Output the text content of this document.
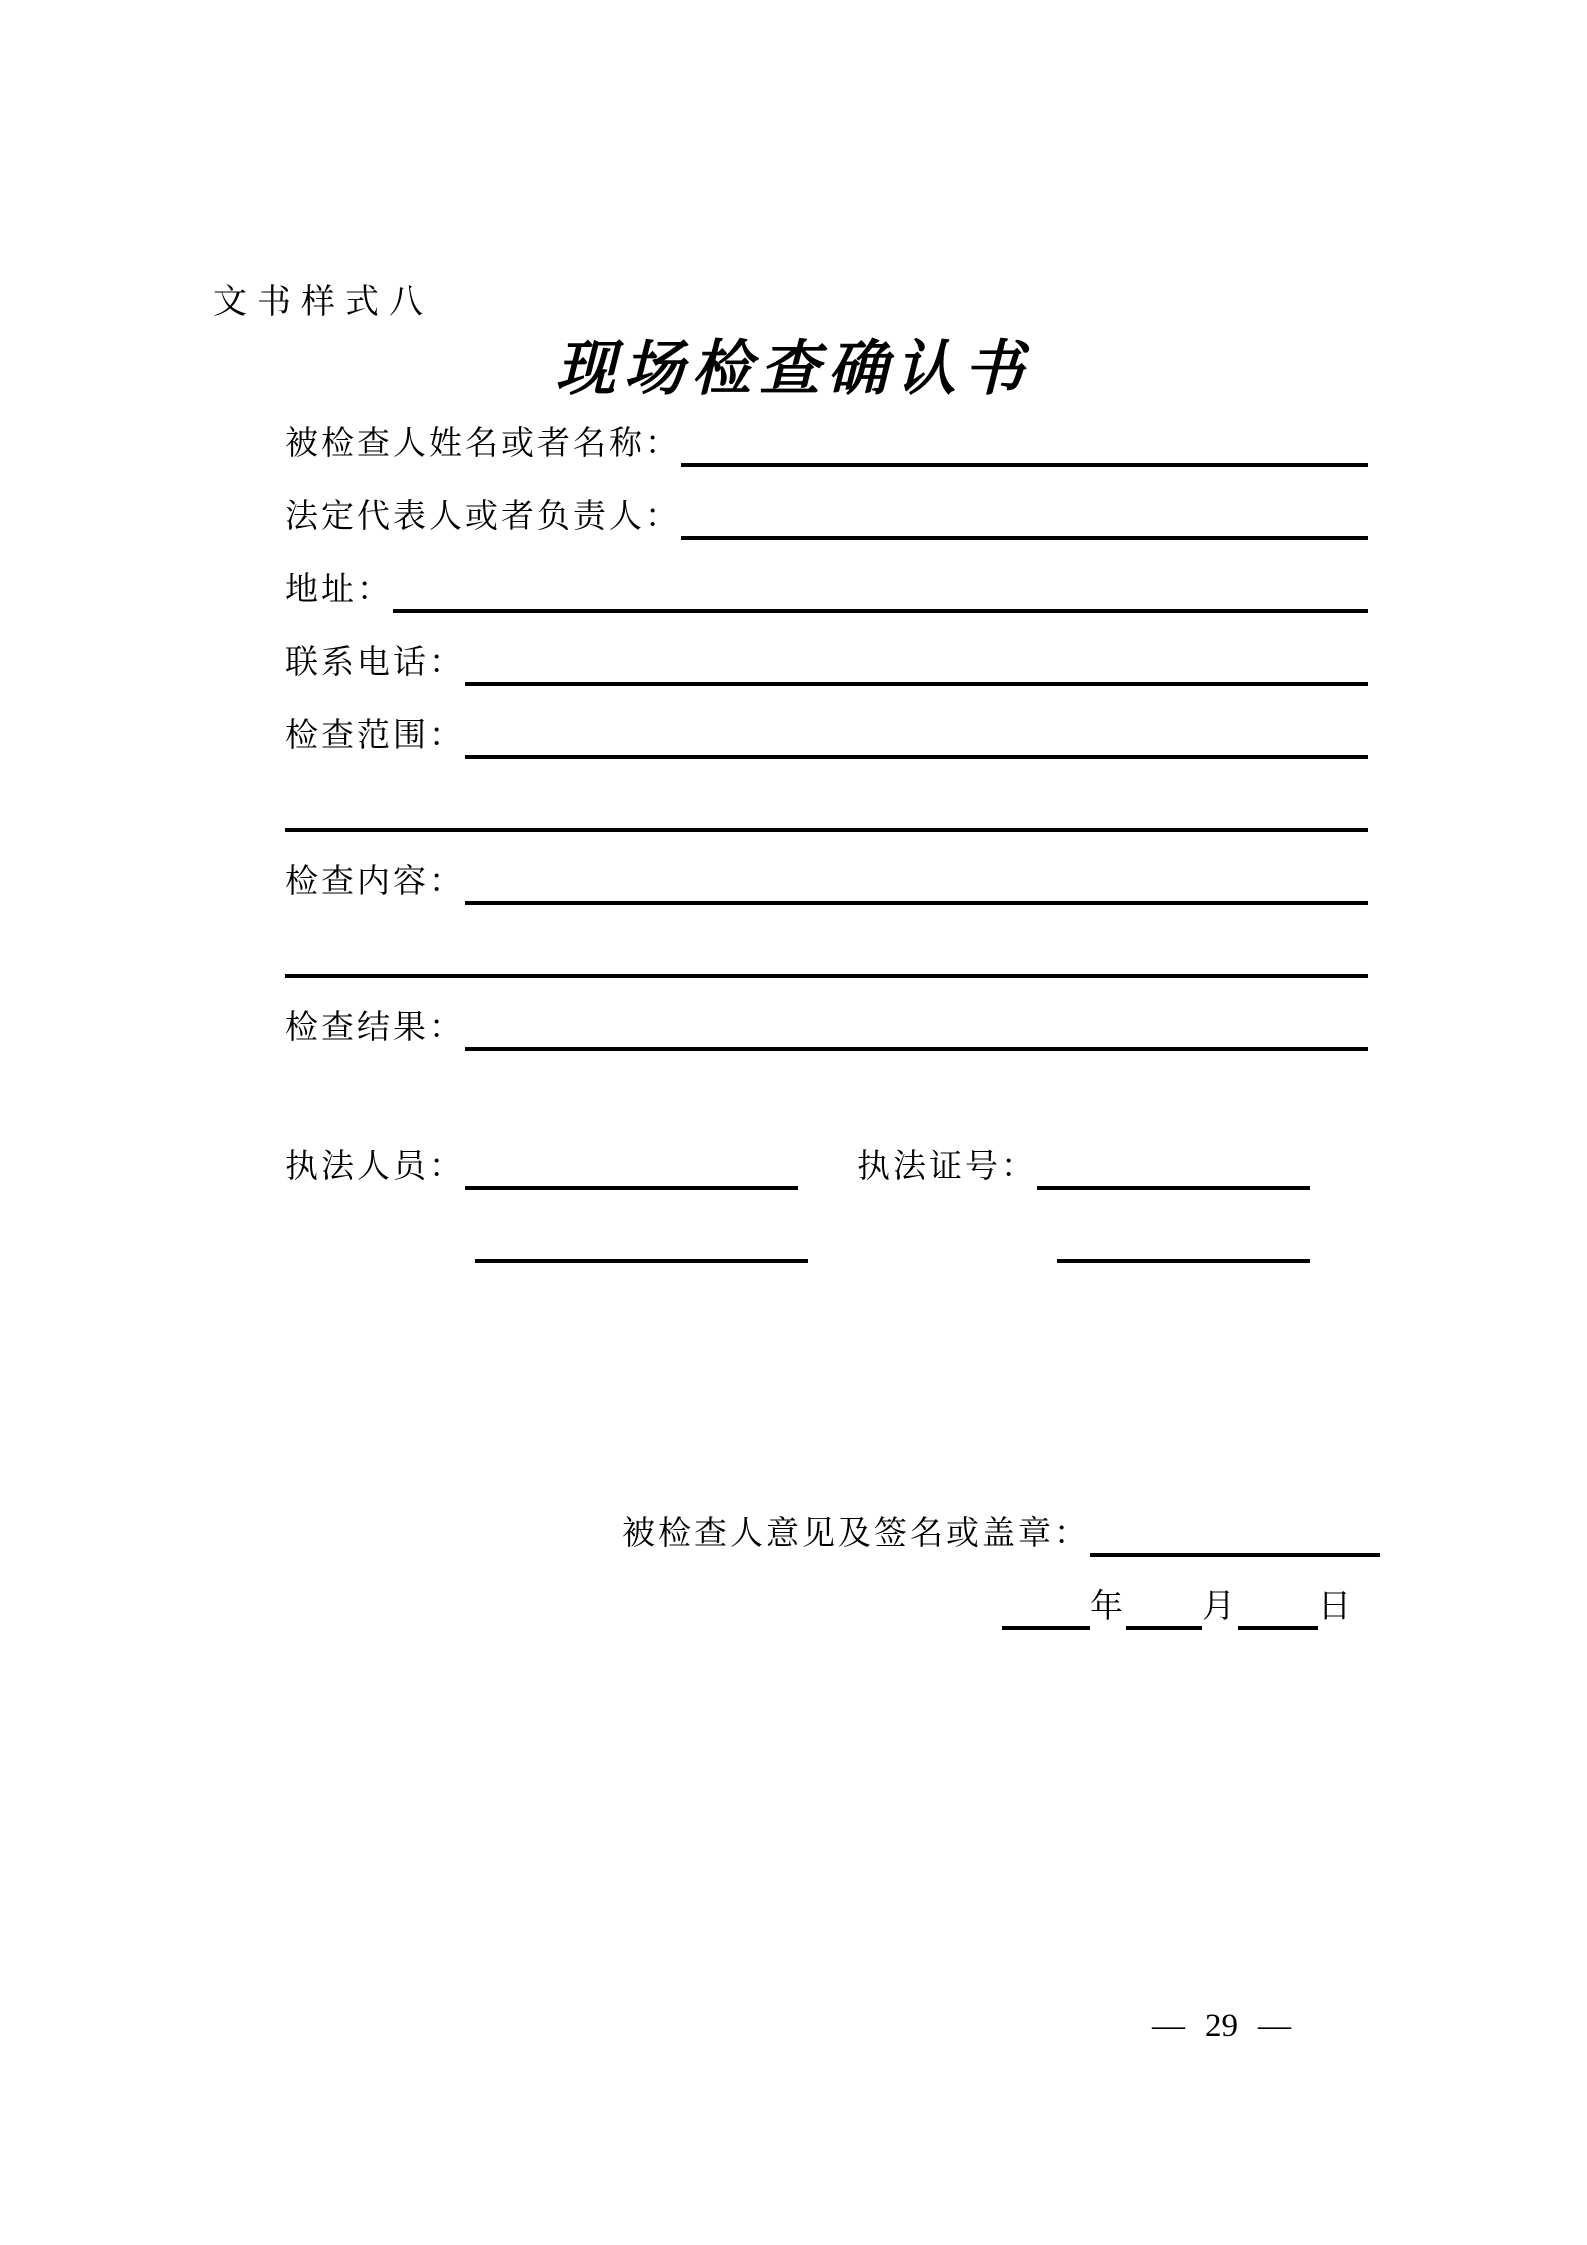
文书样式八
现场检查确认书
被检查人姓名或者名称：
法定代表人或者负责人：
地址：
联系电话：
检查范围：
检查内容：
检查结果：
执法人员：	执法证号：
被检查人意见及签名或盖章：
年 月 日
— 29 —
